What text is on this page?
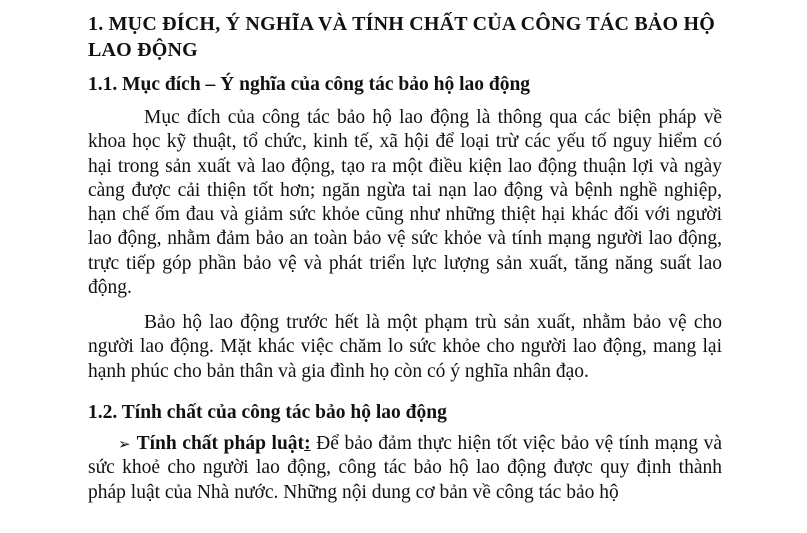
1. MỤC ĐÍCH, Ý NGHĨA VÀ TÍNH CHẤT CỦA CÔNG TÁC BẢO HỘ LAO ĐỘNG
1.1. Mục đích – Ý nghĩa của công tác bảo hộ lao động

Mục đích của công tác bảo hộ lao động là thông qua các biện pháp về khoa học kỹ thuật, tổ chức, kinh tế, xã hội để loại trừ các yếu tố nguy hiểm có hại trong sản xuất và lao động, tạo ra một điều kiện lao động thuận lợi và ngày càng được cải thiện tốt hơn; ngăn ngừa tai nạn lao động và bệnh nghề nghiệp, hạn chế ốm đau và giảm sức khỏe cũng như những thiệt hại khác đối với người lao động, nhằm đảm bảo an toàn bảo vệ sức khỏe và tính mạng người lao động, trực tiếp góp phần bảo vệ và phát triển lực lượng sản xuất, tăng năng suất lao động.

Bảo hộ lao động trước hết là một phạm trù sản xuất, nhằm bảo vệ cho người lao động. Mặt khác việc chăm lo sức khỏe cho người lao động, mang lại hạnh phúc cho bản thân và gia đình họ còn có ý nghĩa nhân đạo.

1.2. Tính chất của công tác bảo hộ lao động

➢ Tính chất pháp luật: Để bảo đảm thực hiện tốt việc bảo vệ tính mạng và sức khoẻ cho người lao động, công tác bảo hộ lao động được quy định thành pháp luật của Nhà nước. Những nội dung cơ bản về công tác bảo hộ
